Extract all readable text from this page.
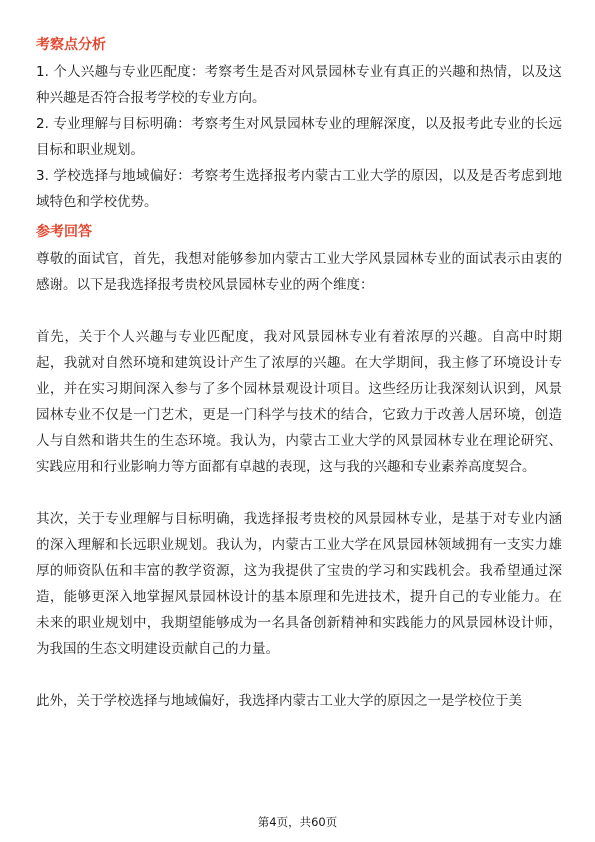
考察点分析

1. 个人兴趣与专业匹配度：考察考生是否对风景园林专业有真正的兴趣和热情，以及这种兴趣是否符合报考学校的专业方向。

2. 专业理解与目标明确：考察考生对风景园林专业的理解深度，以及报考此专业的长远目标和职业规划。

3. 学校选择与地域偏好：考察考生选择报考内蒙古工业大学的原因，以及是否考虑到地域特色和学校优势。

参考回答

尊敬的面试官，首先，我想对能够参加内蒙古工业大学风景园林专业的面试表示由衷的感谢。以下是我选择报考贵校风景园林专业的两个维度：

首先，关于个人兴趣与专业匹配度，我对风景园林专业有着浓厚的兴趣。自高中时期起，我就对自然环境和建筑设计产生了浓厚的兴趣。在大学期间，我主修了环境设计专业，并在实习期间深入参与了多个园林景观设计项目。这些经历让我深刻认识到，风景园林专业不仅是一门艺术，更是一门科学与技术的结合，它致力于改善人居环境，创造人与自然和谐共生的生态环境。我认为，内蒙古工业大学的风景园林专业在理论研究、实践应用和行业影响力等方面都有卓越的表现，这与我的兴趣和专业素养高度契合。

其次，关于专业理解与目标明确，我选择报考贵校的风景园林专业，是基于对专业内涵的深入理解和长远职业规划。我认为，内蒙古工业大学在风景园林领域拥有一支实力雄厚的师资队伍和丰富的教学资源，这为我提供了宝贵的学习和实践机会。我希望通过深造，能够更深入地掌握风景园林设计的基本原理和先进技术，提升自己的专业能力。在未来的职业规划中，我期望能够成为一名具备创新精神和实践能力的风景园林设计师，为我国的生态文明建设贡献自己的力量。

此外，关于学校选择与地域偏好，我选择内蒙古工业大学的原因之一是学校位于美

第4页，共60页
